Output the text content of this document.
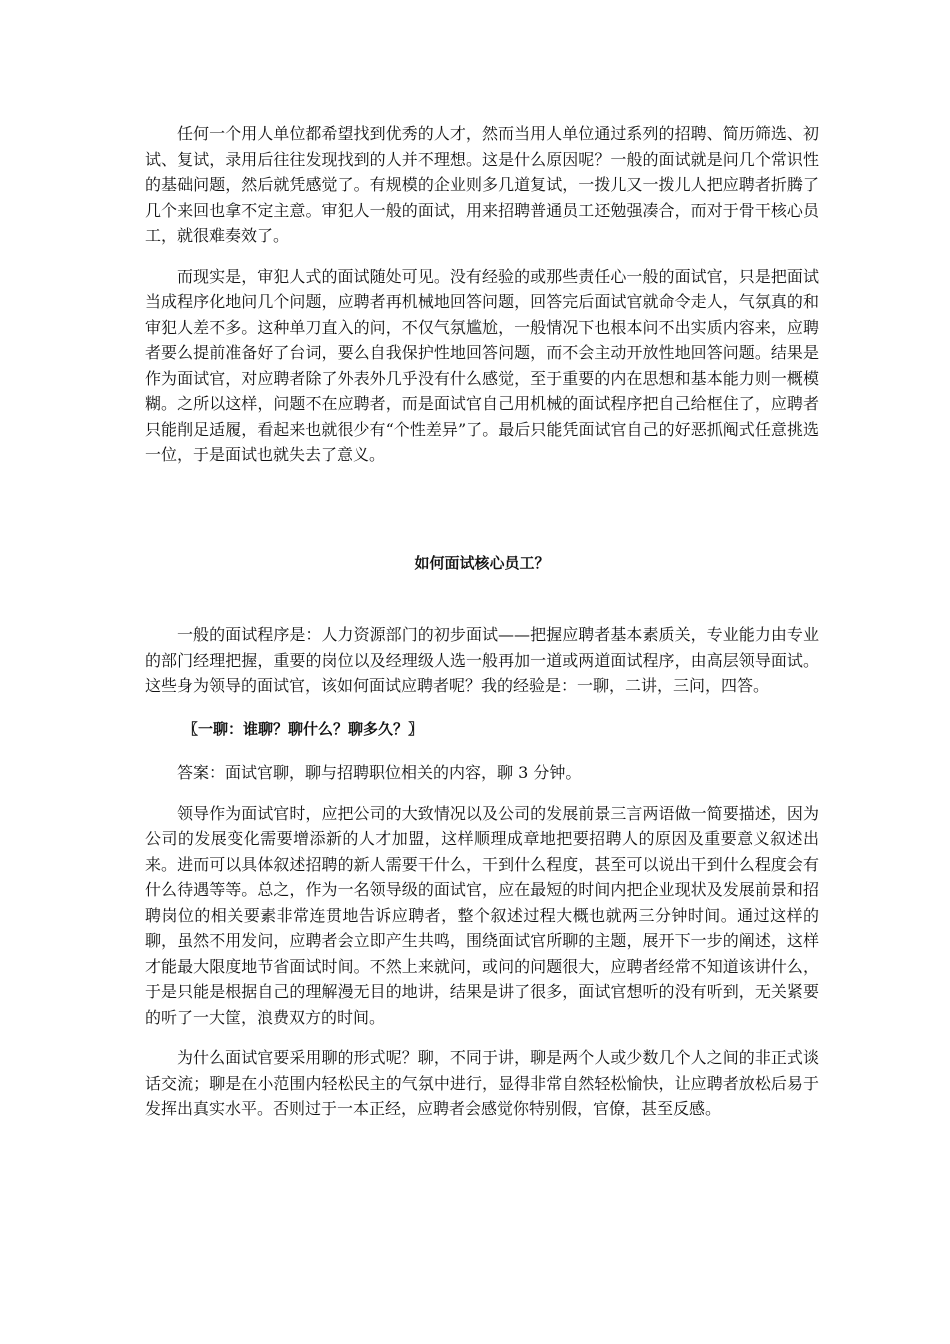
任何一个用人单位都希望找到优秀的人才，然而当用人单位通过系列的招聘、简历筛选、初试、复试，录用后往往发现找到的人并不理想。这是什么原因呢？一般的面试就是问几个常识性的基础问题，然后就凭感觉了。有规模的企业则多几道复试，一拨儿又一拨儿人把应聘者折腾了几个来回也拿不定主意。审犯人一般的面试，用来招聘普通员工还勉强凑合，而对于骨干核心员工，就很难奏效了。

而现实是，审犯人式的面试随处可见。没有经验的或那些责任心一般的面试官，只是把面试当成程序化地问几个问题，应聘者再机械地回答问题，回答完后面试官就命令走人，气氛真的和审犯人差不多。这种单刀直入的问，不仅气氛尴尬，一般情况下也根本问不出实质内容来，应聘者要么提前准备好了台词，要么自我保护性地回答问题，而不会主动开放性地回答问题。结果是作为面试官，对应聘者除了外表外几乎没有什么感觉，至于重要的内在思想和基本能力则一概模糊。之所以这样，问题不在应聘者，而是面试官自己用机械的面试程序把自己给框住了，应聘者只能削足适履，看起来也就很少有“个性差异”了。最后只能凭面试官自己的好恶抓阄式任意挑选一位，于是面试也就失去了意义。

如何面试核心员工？

一般的面试程序是：人力资源部门的初步面试——把握应聘者基本素质关，专业能力由专业的部门经理把握，重要的岗位以及经理级人选一般再加一道或两道面试程序，由高层领导面试。这些身为领导的面试官，该如何面试应聘者呢？我的经验是：一聊，二讲，三问，四答。

〖一聊：谁聊？聊什么？聊多久？〗

答案：面试官聊，聊与招聘职位相关的内容，聊 3 分钟。

领导作为面试官时，应把公司的大致情况以及公司的发展前景三言两语做一简要描述，因为公司的发展变化需要增添新的人才加盟，这样顺理成章地把要招聘人的原因及重要意义叙述出来。进而可以具体叙述招聘的新人需要干什么，干到什么程度，甚至可以说出干到什么程度会有什么待遇等等。总之，作为一名领导级的面试官，应在最短的时间内把企业现状及发展前景和招聘岗位的相关要素非常连贯地告诉应聘者，整个叙述过程大概也就两三分钟时间。通过这样的聊，虽然不用发问，应聘者会立即产生共鸣，围绕面试官所聊的主题，展开下一步的阐述，这样才能最大限度地节省面试时间。不然上来就问，或问的问题很大，应聘者经常不知道该讲什么，于是只能是根据自己的理解漫无目的地讲，结果是讲了很多，面试官想听的没有听到，无关紧要的听了一大筐，浪费双方的时间。

为什么面试官要采用聊的形式呢？聊，不同于讲，聊是两个人或少数几个人之间的非正式谈话交流；聊是在小范围内轻松民主的气氛中进行，显得非常自然轻松愉快，让应聘者放松后易于发挥出真实水平。否则过于一本正经，应聘者会感觉你特别假，官僚，甚至反感。
